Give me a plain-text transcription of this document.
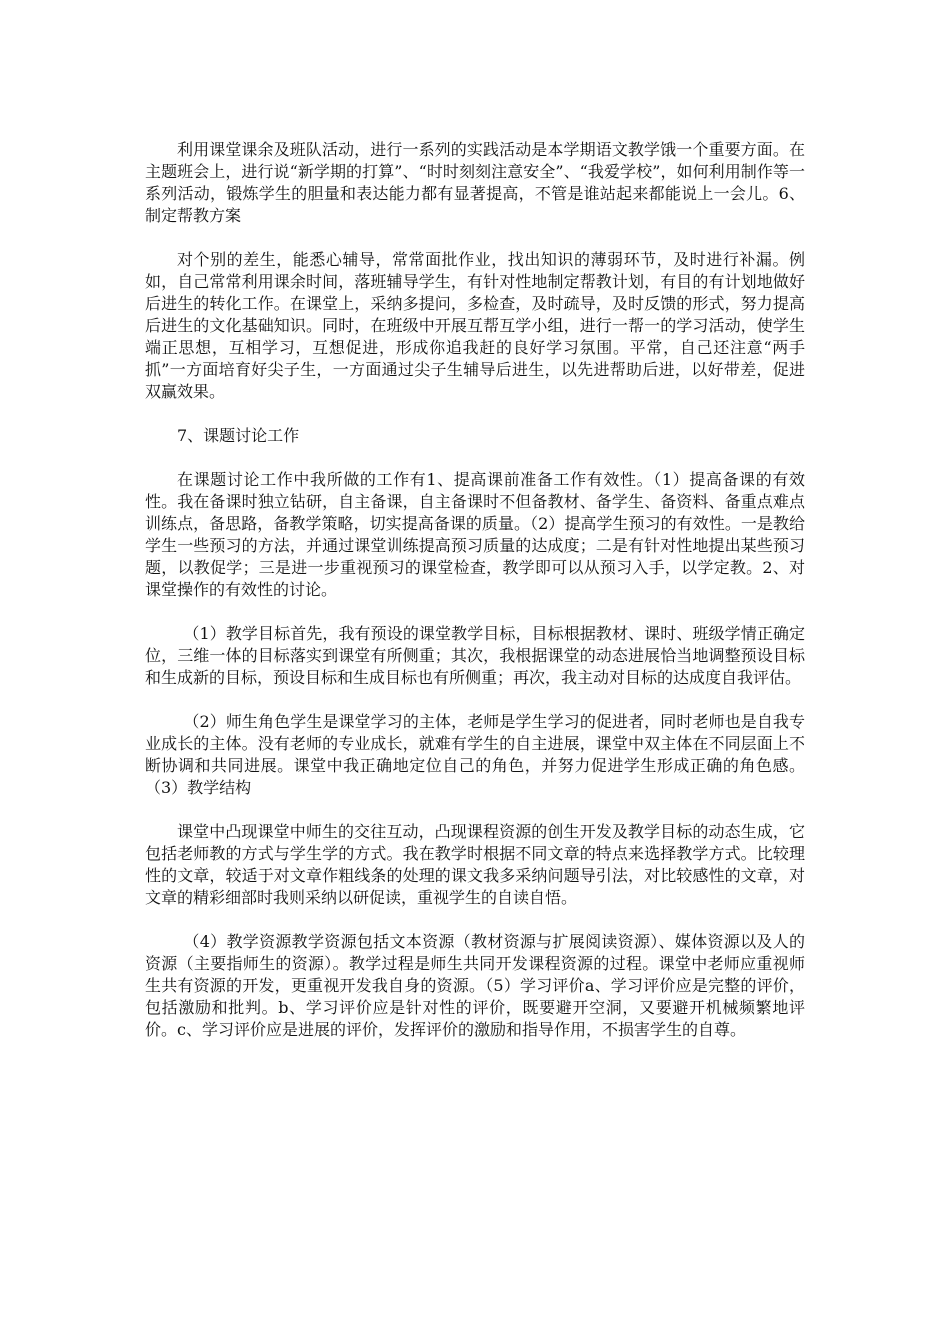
利用课堂课余及班队活动，进行一系列的实践活动是本学期语文教学饿一个重要方面。在主题班会上，进行说“新学期的打算”、“时时刻刻注意安全”、“我爱学校”，如何利用制作等一系列活动，锻炼学生的胆量和表达能力都有显著提高，不管是谁站起来都能说上一会儿。6、制定帮教方案

对个别的差生，能悉心辅导，常常面批作业，找出知识的薄弱环节，及时进行补漏。例如，自己常常利用课余时间，落班辅导学生，有针对性地制定帮教计划，有目的有计划地做好后进生的转化工作。在课堂上，采纳多提问，多检查，及时疏导，及时反馈的形式，努力提高后进生的文化基础知识。同时，在班级中开展互帮互学小组，进行一帮一的学习活动，使学生端正思想，互相学习，互想促进，形成你追我赶的良好学习氛围。平常，自己还注意“两手抓”一方面培育好尖子生，一方面通过尖子生辅导后进生，以先进帮助后进，以好带差，促进双赢效果。

7、课题讨论工作

在课题讨论工作中我所做的工作有1、提高课前准备工作有效性。（1）提高备课的有效性。我在备课时独立钻研，自主备课，自主备课时不但备教材、备学生、备资料、备重点难点训练点，备思路，备教学策略，切实提高备课的质量。（2）提高学生预习的有效性。一是教给学生一些预习的方法，并通过课堂训练提高预习质量的达成度；二是有针对性地提出某些预习题，以教促学；三是进一步重视预习的课堂检查，教学即可以从预习入手，以学定教。2、对课堂操作的有效性的讨论。

（1）教学目标首先，我有预设的课堂教学目标，目标根据教材、课时、班级学情正确定位，三维一体的目标落实到课堂有所侧重；其次，我根据课堂的动态进展恰当地调整预设目标和生成新的目标，预设目标和生成目标也有所侧重；再次，我主动对目标的达成度自我评估。

（2）师生角色学生是课堂学习的主体，老师是学生学习的促进者，同时老师也是自我专业成长的主体。没有老师的专业成长，就难有学生的自主进展，课堂中双主体在不同层面上不断协调和共同进展。课堂中我正确地定位自己的角色，并努力促进学生形成正确的角色感。（3）教学结构

课堂中凸现课堂中师生的交往互动，凸现课程资源的创生开发及教学目标的动态生成，它包括老师教的方式与学生学的方式。我在教学时根据不同文章的特点来选择教学方式。比较理性的文章，较适于对文章作粗线条的处理的课文我多采纳问题导引法，对比较感性的文章，对文章的精彩细部时我则采纳以研促读，重视学生的自读自悟。

（4）教学资源教学资源包括文本资源（教材资源与扩展阅读资源）、媒体资源以及人的资源（主要指师生的资源）。教学过程是师生共同开发课程资源的过程。课堂中老师应重视师生共有资源的开发，更重视开发我自身的资源。（5）学习评价a、学习评价应是完整的评价，包括激励和批判。b、学习评价应是针对性的评价，既要避开空洞，又要避开机械频繁地评价。c、学习评价应是进展的评价，发挥评价的激励和指导作用，不损害学生的自尊。
